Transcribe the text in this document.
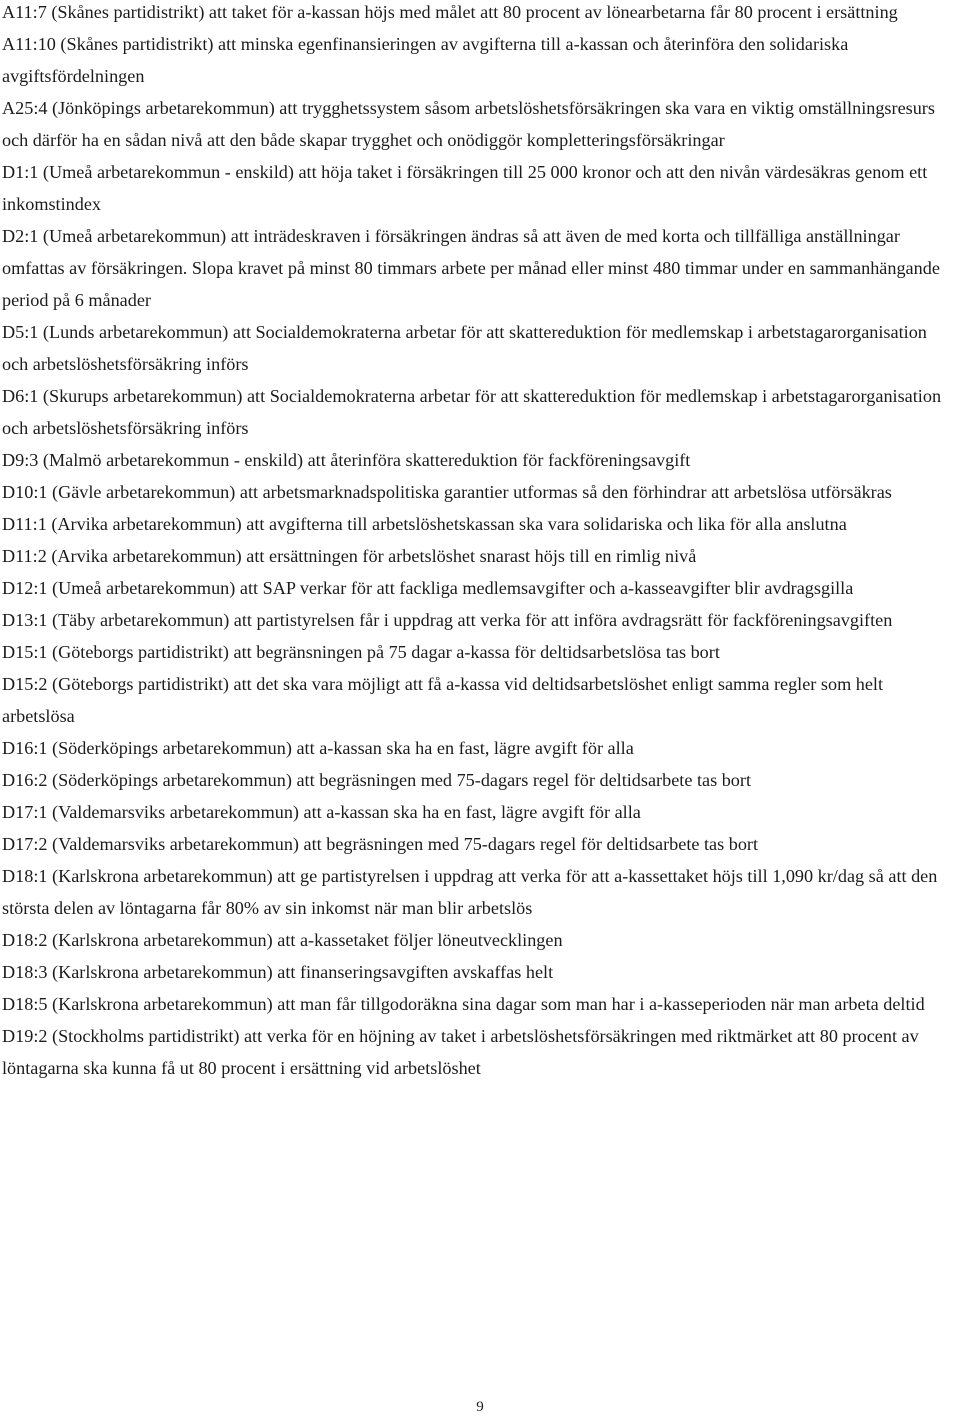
A11:7 (Skånes partidistrikt) att taket för a-kassan höjs med målet att 80 procent av lönearbetarna får 80 procent i ersättning

A11:10 (Skånes partidistrikt) att minska egenfinansieringen av avgifterna till a-kassan och återinföra den solidariska avgiftsfördelningen

A25:4 (Jönköpings arbetarekommun) att trygghetssystem såsom arbetslöshetsförsäkringen ska vara en viktig omställningsresurs och därför ha en sådan nivå att den både skapar trygghet och onödiggör kompletteringsförsäkringar

D1:1 (Umeå arbetarekommun - enskild) att höja taket i försäkringen till 25 000 kronor och att den nivån värdesäkras genom ett inkomstindex

D2:1 (Umeå arbetarekommun) att inträdeskraven i försäkringen ändras så att även de med korta och tillfälliga anställningar omfattas av försäkringen. Slopa kravet på minst 80 timmars arbete per månad eller minst 480 timmar under en sammanhängande period på 6 månader

D5:1 (Lunds arbetarekommun) att Socialdemokraterna arbetar för att skattereduktion för medlemskap i arbetstagarorganisation och arbetslöshetsförsäkring införs

D6:1 (Skurups arbetarekommun) att Socialdemokraterna arbetar för att skattereduktion för medlemskap i arbetstagarorganisation och arbetslöshetsförsäkring införs

D9:3 (Malmö arbetarekommun - enskild) att återinföra skattereduktion för fackföreningsavgift

D10:1 (Gävle arbetarekommun) att arbetsmarknadspolitiska garantier utformas så den förhindrar att arbetslösa utförsäkras

D11:1 (Arvika arbetarekommun) att avgifterna till arbetslöshetskassan ska vara solidariska och lika för alla anslutna

D11:2 (Arvika arbetarekommun) att ersättningen för arbetslöshet snarast höjs till en rimlig nivå

D12:1 (Umeå arbetarekommun) att SAP verkar för att fackliga medlemsavgifter och a-kasseavgifter blir avdragsgilla

D13:1 (Täby arbetarekommun) att partistyrelsen får i uppdrag att verka för att införa avdragsrätt för fackföreningsavgiften

D15:1 (Göteborgs partidistrikt) att begränsningen på 75 dagar a-kassa för deltidsarbetslösa tas bort

D15:2 (Göteborgs partidistrikt) att det ska vara möjligt att få a-kassa vid deltidsarbetslöshet enligt samma regler som helt arbetslösa

D16:1 (Söderköpings arbetarekommun) att a-kassan ska ha en fast, lägre avgift för alla

D16:2 (Söderköpings arbetarekommun) att begräsningen med 75-dagars regel för deltidsarbete tas bort

D17:1 (Valdemarsviks arbetarekommun) att a-kassan ska ha en fast, lägre avgift för alla

D17:2 (Valdemarsviks arbetarekommun) att begräsningen med 75-dagars regel för deltidsarbete tas bort

D18:1 (Karlskrona arbetarekommun) att ge partistyrelsen i uppdrag att verka för att a-kassettaket höjs till 1,090 kr/dag så att den största delen av löntagarna får 80% av sin inkomst när man blir arbetslös

D18:2 (Karlskrona arbetarekommun) att a-kassetaket följer löneutvecklingen

D18:3 (Karlskrona arbetarekommun) att finanseringsavgiften avskaffas helt

D18:5 (Karlskrona arbetarekommun) att man får tillgodoräkna sina dagar som man har i a-kasseperioden när man arbeta deltid

D19:2 (Stockholms partidistrikt) att verka för en höjning av taket i arbetslöshetsförsäkringen med riktmärket att 80 procent av löntagarna ska kunna få ut 80 procent i ersättning vid arbetslöshet

9
